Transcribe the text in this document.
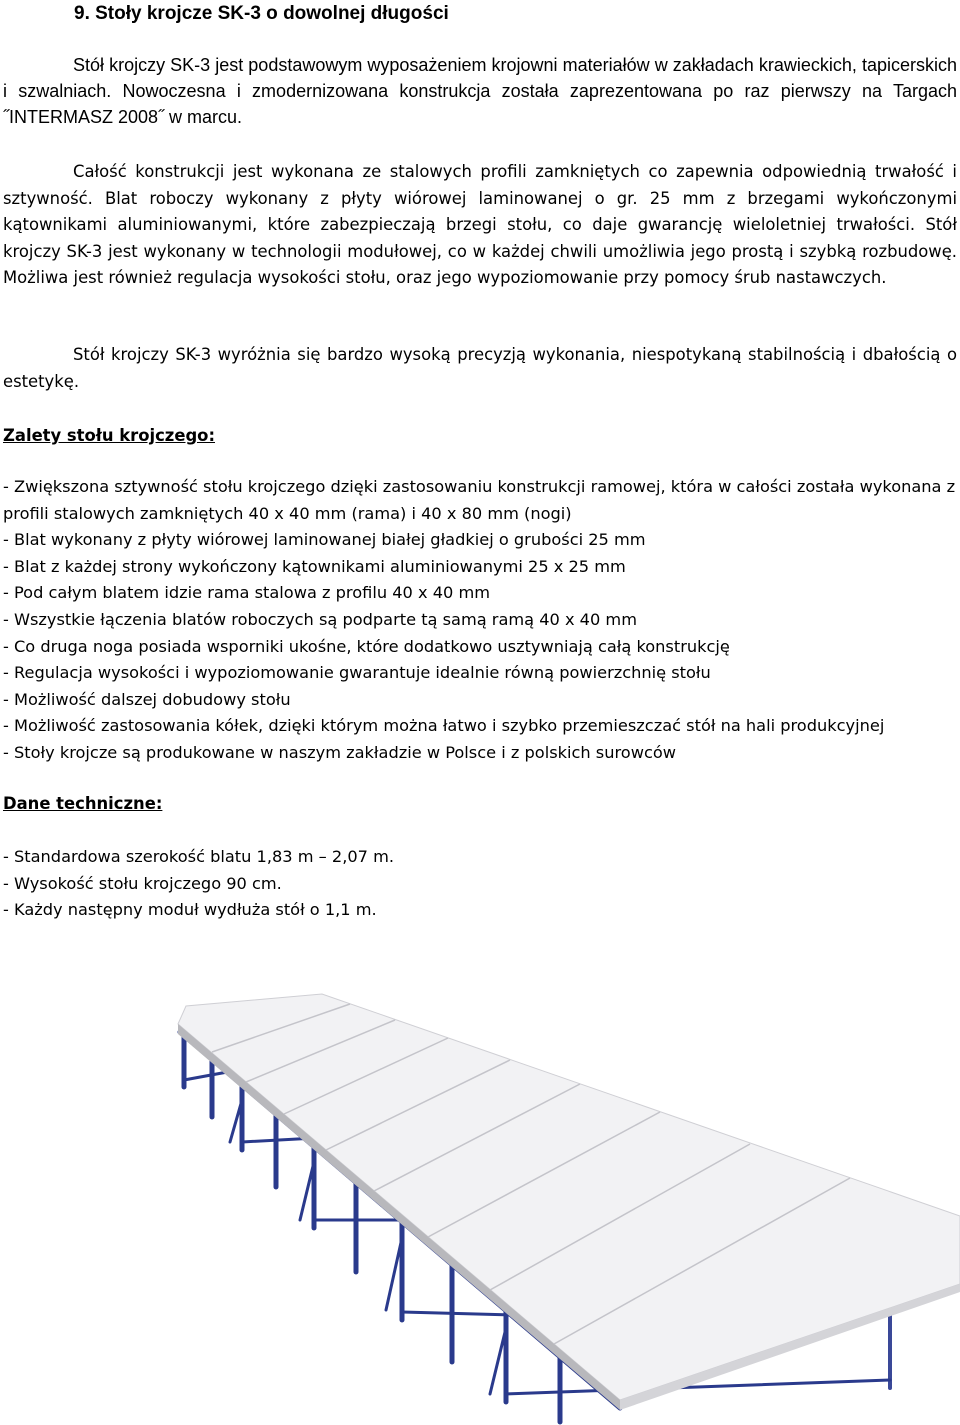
9. Stoły krojcze SK-3 o dowolnej długości

Stół krojczy SK-3 jest podstawowym wyposażeniem krojowni materiałów w zakładach krawieckich, tapicerskich i szwalniach. Nowoczesna i zmodernizowana konstrukcja została zaprezentowana po raz pierwszy na Targach ˝INTERMASZ 2008˝ w marcu.

Całość konstrukcji jest wykonana ze stalowych profili zamkniętych co zapewnia odpowiednią trwałość i sztywność. Blat roboczy wykonany z płyty wiórowej laminowanej o gr. 25 mm z brzegami wykończonymi kątownikami aluminiowanymi, które zabezpieczają brzegi stołu, co daje gwarancję wieloletniej trwałości. Stół krojczy SK-3 jest wykonany w technologii modułowej, co w każdej chwili umożliwia jego prostą i szybką rozbudowę. Możliwa jest również regulacja wysokości stołu, oraz jego wypoziomowanie przy pomocy śrub nastawczych.

Stół krojczy SK-3 wyróżnia się bardzo wysoką precyzją wykonania, niespotykaną stabilnością i dbałością o estetykę.

Zalety stołu krojczego:
- Zwiększona sztywność stołu krojczego dzięki zastosowaniu konstrukcji ramowej, która w całości została wykonana z profili stalowych zamkniętych 40 x 40 mm (rama) i 40 x 80 mm (nogi)
- Blat wykonany z płyty wiórowej laminowanej białej gładkiej o grubości 25 mm
- Blat z każdej strony wykończony kątownikami aluminiowanymi 25 x 25 mm
- Pod całym blatem idzie rama stalowa z profilu 40 x 40 mm
- Wszystkie łączenia blatów roboczych są podparte tą samą ramą 40 x 40 mm
- Co druga noga posiada wsporniki ukośne, które dodatkowo usztywniają całą konstrukcję
- Regulacja wysokości i wypoziomowanie gwarantuje idealnie równą powierzchnię stołu
- Możliwość dalszej dobudowy stołu
- Możliwość zastosowania kółek, dzięki którym można łatwo i szybko przemieszczać stół na hali produkcyjnej
- Stoły krojcze są produkowane w naszym zakładzie w Polsce i z polskich surowców
Dane techniczne:
- Standardowa szerokość blatu 1,83 m – 2,07 m.
- Wysokość stołu krojczego 90 cm.
- Każdy następny moduł wydłuża stół o 1,1 m.
